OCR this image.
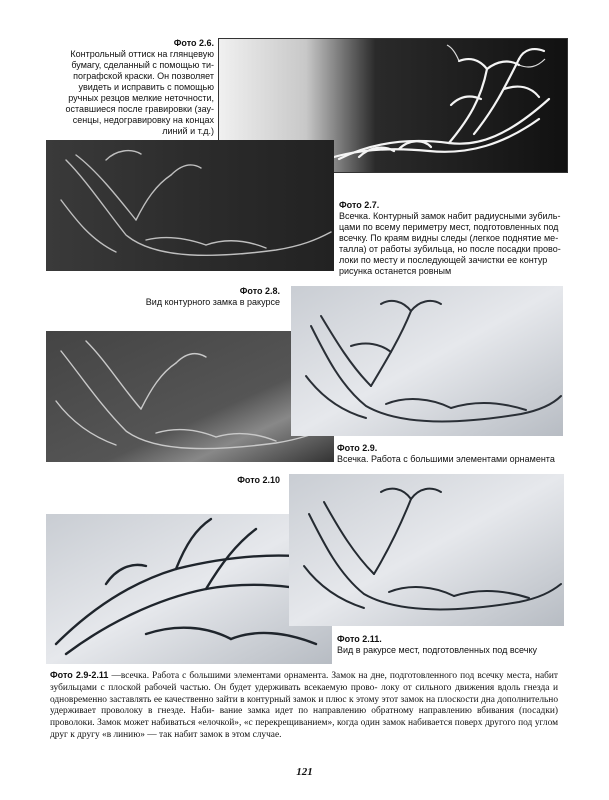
Фото 2.6.
Контрольный оттиск на глянцевую
бумагу, сделанный с помощью ти-
пографской краски. Он позволяет
увидеть и исправить с помощью
ручных резцов мелкие неточности,
оставшиеся после гравировки (зау-
сенцы, недогравировку на концах
линий и т.д.)
Фото 2.7.
Всечка. Контурный замок набит радиусными зубиль-
цами по всему периметру мест, подготовленных под
всечку. По краям видны следы (легкое поднятие ме-
талла) от работы зубильца, но после посадки прово-
локи по месту и последующей зачистки ее контур
рисунка останется ровным
Фото 2.8.
Вид контурного замка в ракурсе
Фото 2.9.
Всечка. Работа с большими элементами орнамента
Фото 2.10
Фото 2.11.
Вид в ракурсе мест, подготовленных под всечку
Фото 2.9-2.11 —всечка. Работа с большими элементами орнамента. Замок на дне, подготовленного под всечку места, набит зубильцами с плоской рабочей частью. Он будет удерживать всекаемую прово- локу от сильного движения вдоль гнезда и одновременно заставлять ее качественно зайти в контурный замок и плюс к этому этот замок на плоскости дна дополнительно удерживает проволоку в гнезде. Наби- вание замка идет по направлению обратному направлению вбивания (посадки) проволоки. Замок может набиваться «елочкой», «с перекрещиванием», когда один замок набивается поверх другого под углом друг к другу «в линию» — так набит замок в этом случае.
121
